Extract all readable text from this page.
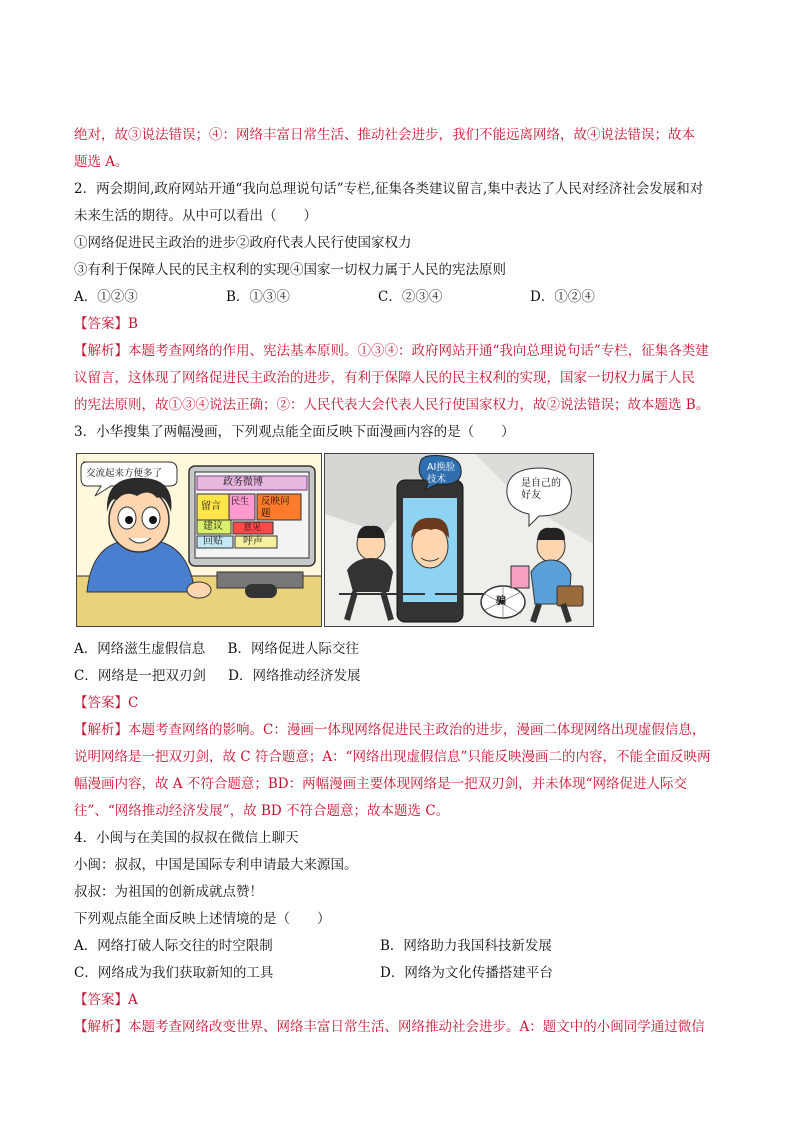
绝对，故③说法错误；④：网络丰富日常生活、推动社会进步，我们不能远离网络，故④说法错误；故本
题选 A。
2．两会期间,政府网站开通“我向总理说句话”专栏,征集各类建议留言,集中表达了人民对经济社会发展和对
未来生活的期待。从中可以看出（　　）
①网络促进民主政治的进步②政府代表人民行使国家权力
③有利于保障人民的民主权利的实现④国家一切权力属于人民的宪法原则
A．①②③	B．①③④	C．②③④	D．①②④
【答案】B
【解析】本题考查网络的作用、宪法基本原则。①③④：政府网站开通“我向总理说句话”专栏，征集各类建
议留言，这体现了网络促进民主政治的进步，有利于保障人民的民主权利的实现，国家一切权力属于人民
的宪法原则，故①③④说法正确；②：人民代表大会代表人民行使国家权力，故②说法错误；故本题选 B。
3．小华搜集了两幅漫画，下列观点能全面反映下面漫画内容的是（　　）
交流起来方便多了
政务微博
留言 民生 反映问题
建议 意见
回贴 呼声
AI换脸技术	是自己的好友
骗
A．网络滋生虚假信息 B．网络促进人际交往
C．网络是一把双刃剑 D．网络推动经济发展
【答案】C
【解析】本题考查网络的影响。C：漫画一体现网络促进民主政治的进步，漫画二体现网络出现虚假信息，
说明网络是一把双刃剑，故 C 符合题意；A：“网络出现虚假信息”只能反映漫画二的内容，不能全面反映两
幅漫画内容，故 A 不符合题意；BD：两幅漫画主要体现网络是一把双刃剑，并未体现“网络促进人际交
往”、“网络推动经济发展”，故 BD 不符合题意；故本题选 C。
4．小闽与在美国的叔叔在微信上聊天
小闽：叔叔，中国是国际专利申请最大来源国。
叔叔：为祖国的创新成就点赞！
下列观点能全面反映上述情境的是（　　）
A．网络打破人际交往的时空限制	B．网络助力我国科技新发展
C．网络成为我们获取新知的工具	D．网络为文化传播搭建平台
【答案】A
【解析】本题考查网络改变世界、网络丰富日常生活、网络推动社会进步。A：题文中的小闽同学通过微信
